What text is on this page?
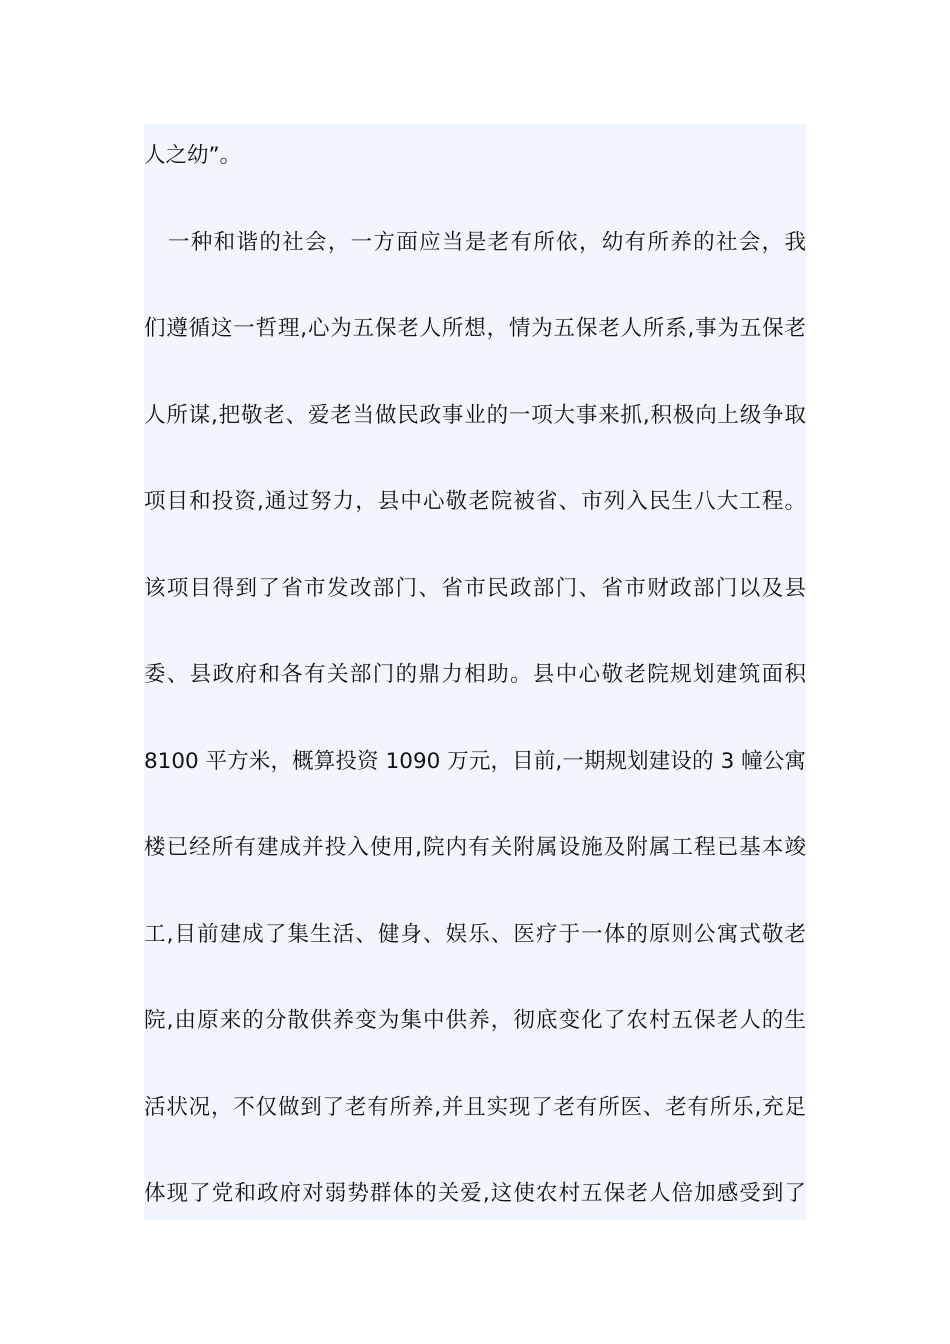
人之幼”。
一种和谐的社会，一方面应当是老有所依，幼有所养的社会，我
们遵循这一哲理,心为五保老人所想，情为五保老人所系,事为五保老
人所谋,把敬老、爱老当做民政事业的一项大事来抓,积极向上级争取
项目和投资,通过努力，县中心敬老院被省、市列入民生八大工程。
该项目得到了省市发改部门、省市民政部门、省市财政部门以及县
委、县政府和各有关部门的鼎力相助。县中心敬老院规划建筑面积
8100 平方米，概算投资 1090 万元，目前,一期规划建设的 3 幢公寓
楼已经所有建成并投入使用,院内有关附属设施及附属工程已基本竣
工,目前建成了集生活、健身、娱乐、医疗于一体的原则公寓式敬老
院,由原来的分散供养变为集中供养，彻底变化了农村五保老人的生
活状况，不仅做到了老有所养,并且实现了老有所医、老有所乐,充足
体现了党和政府对弱势群体的关爱,这使农村五保老人倍加感受到了
